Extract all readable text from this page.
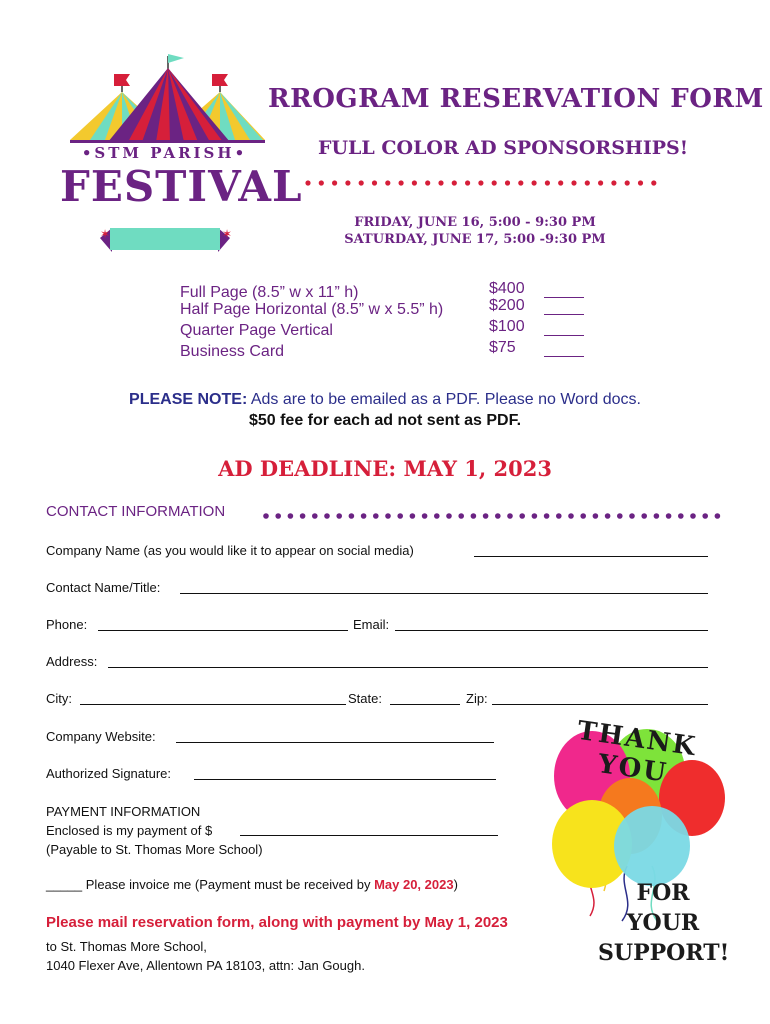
✶	✶
•STM PARISH•
FESTIVAL
RROGRAM RESERVATION FORM
FULL COLOR AD SPONSORSHIPS!
FRIDAY, JUNE 16, 5:00 - 9:30 PM
SATURDAY, JUNE 17, 5:00 -9:30 PM
Full Page (8.5” w x 11” h)	$400
Half Page Horizontal (8.5” w x 5.5” h)	$200
Quarter Page Vertical	$100
Business Card	$75
PLEASE NOTE: Ads are to be emailed as a PDF. Please no Word docs.
$50 fee for each ad not sent as PDF.
AD DEADLINE: MAY 1, 2023
CONTACT INFORMATION
Company Name (as you would like it to appear on social media)
Contact Name/Title:
Phone:	Email:
Address:
City:	State:	Zip:
Company Website:
Authorized Signature:
PAYMENT INFORMATION
Enclosed is my payment of $
(Payable to St. Thomas More School)
_____ Please invoice me (Payment must be received by May 20, 2023)
Please mail reservation form, along with payment by May 1, 2023
to St. Thomas More School,
1040 Flexer Ave, Allentown PA 18103, attn: Jan Gough.
THANK YOU
FOR
YOUR
SUPPORT!
